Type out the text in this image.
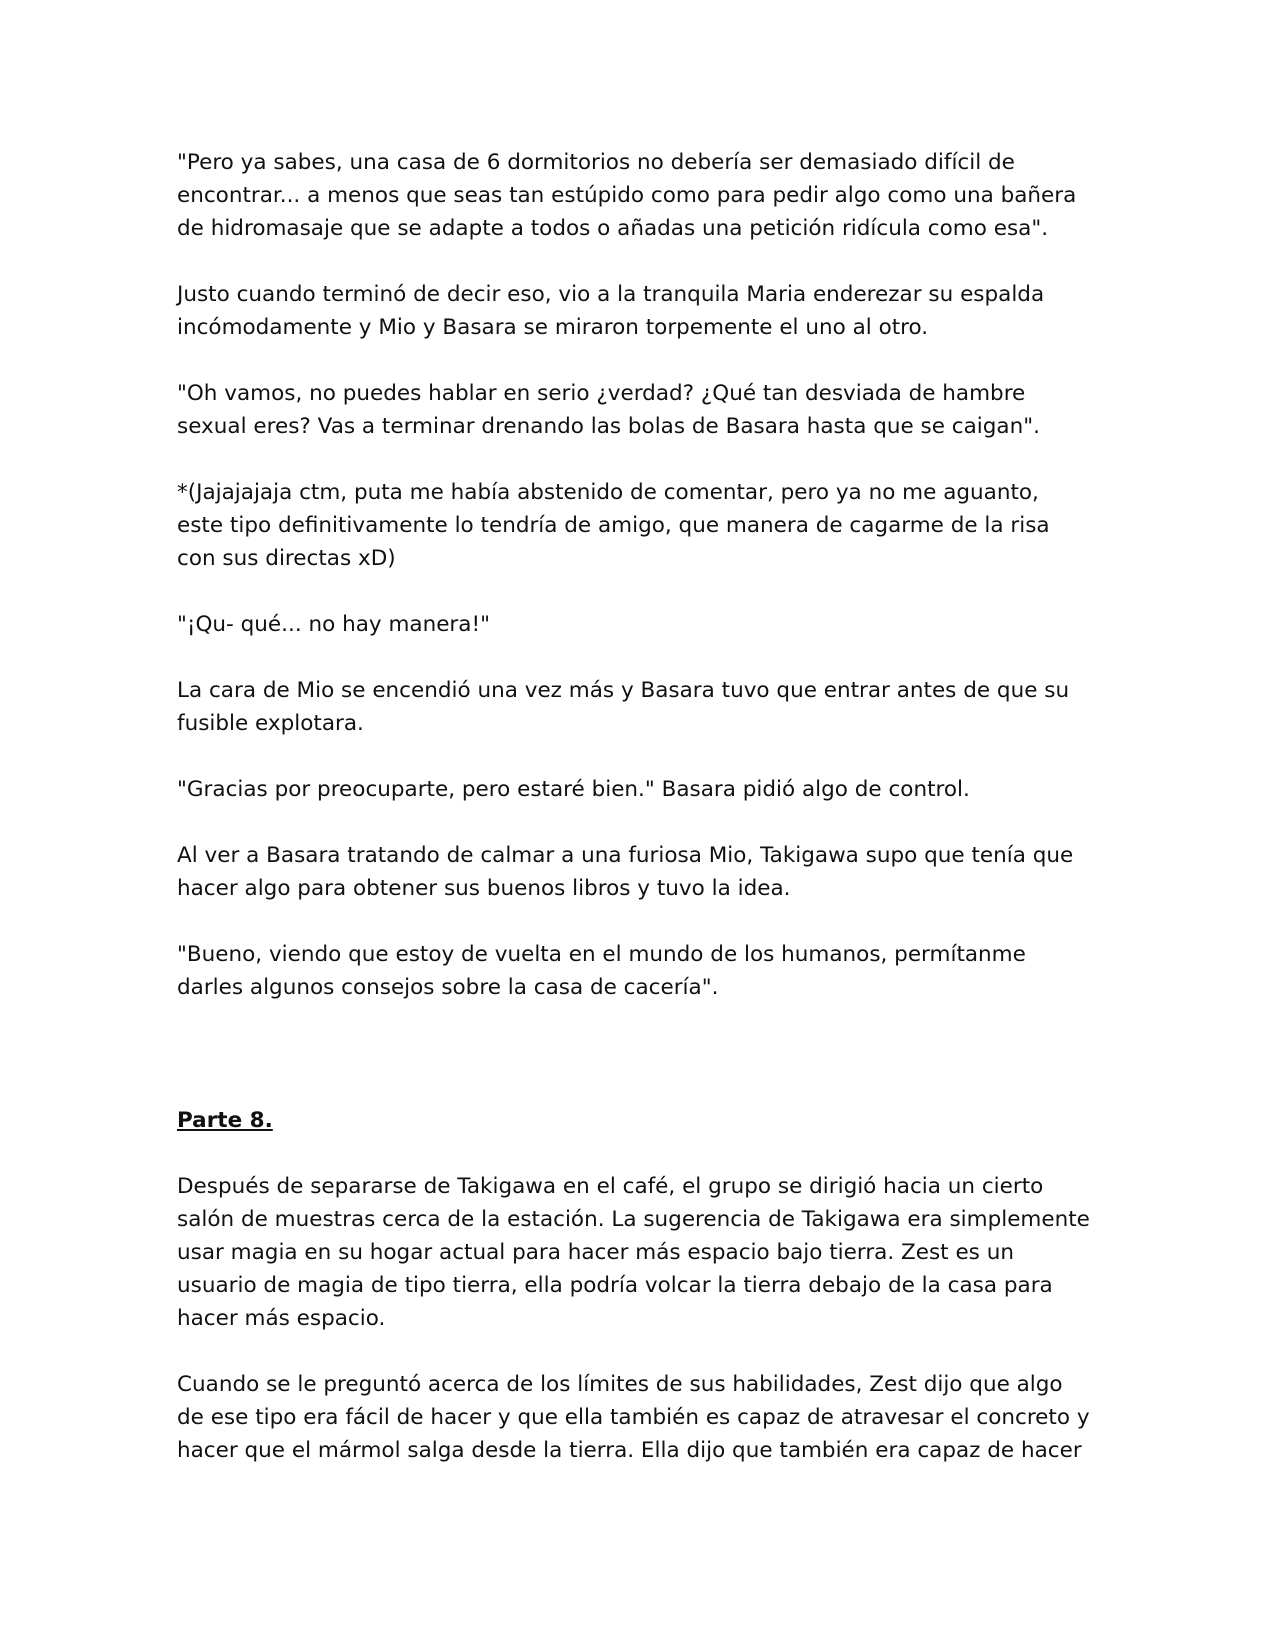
"Pero ya sabes, una casa de 6 dormitorios no debería ser demasiado difícil de
encontrar... a menos que seas tan estúpido como para pedir algo como una bañera
de hidromasaje que se adapte a todos o añadas una petición ridícula como esa".

Justo cuando terminó de decir eso, vio a la tranquila Maria enderezar su espalda
incómodamente y Mio y Basara se miraron torpemente el uno al otro.

"Oh vamos, no puedes hablar en serio ¿verdad? ¿Qué tan desviada de hambre
sexual eres? Vas a terminar drenando las bolas de Basara hasta que se caigan".

*(Jajajajaja ctm, puta me había abstenido de comentar, pero ya no me aguanto,
este tipo definitivamente lo tendría de amigo, que manera de cagarme de la risa
con sus directas xD)

"¡Qu- qué... no hay manera!"

La cara de Mio se encendió una vez más y Basara tuvo que entrar antes de que su
fusible explotara.

"Gracias por preocuparte, pero estaré bien." Basara pidió algo de control.

Al ver a Basara tratando de calmar a una furiosa Mio, Takigawa supo que tenía que
hacer algo para obtener sus buenos libros y tuvo la idea.

"Bueno, viendo que estoy de vuelta en el mundo de los humanos, permítanme
darles algunos consejos sobre la casa de cacería".

Parte 8.

Después de separarse de Takigawa en el café, el grupo se dirigió hacia un cierto
salón de muestras cerca de la estación. La sugerencia de Takigawa era simplemente
usar magia en su hogar actual para hacer más espacio bajo tierra. Zest es un
usuario de magia de tipo tierra, ella podría volcar la tierra debajo de la casa para
hacer más espacio.

Cuando se le preguntó acerca de los límites de sus habilidades, Zest dijo que algo
de ese tipo era fácil de hacer y que ella también es capaz de atravesar el concreto y
hacer que el mármol salga desde la tierra. Ella dijo que también era capaz de hacer
